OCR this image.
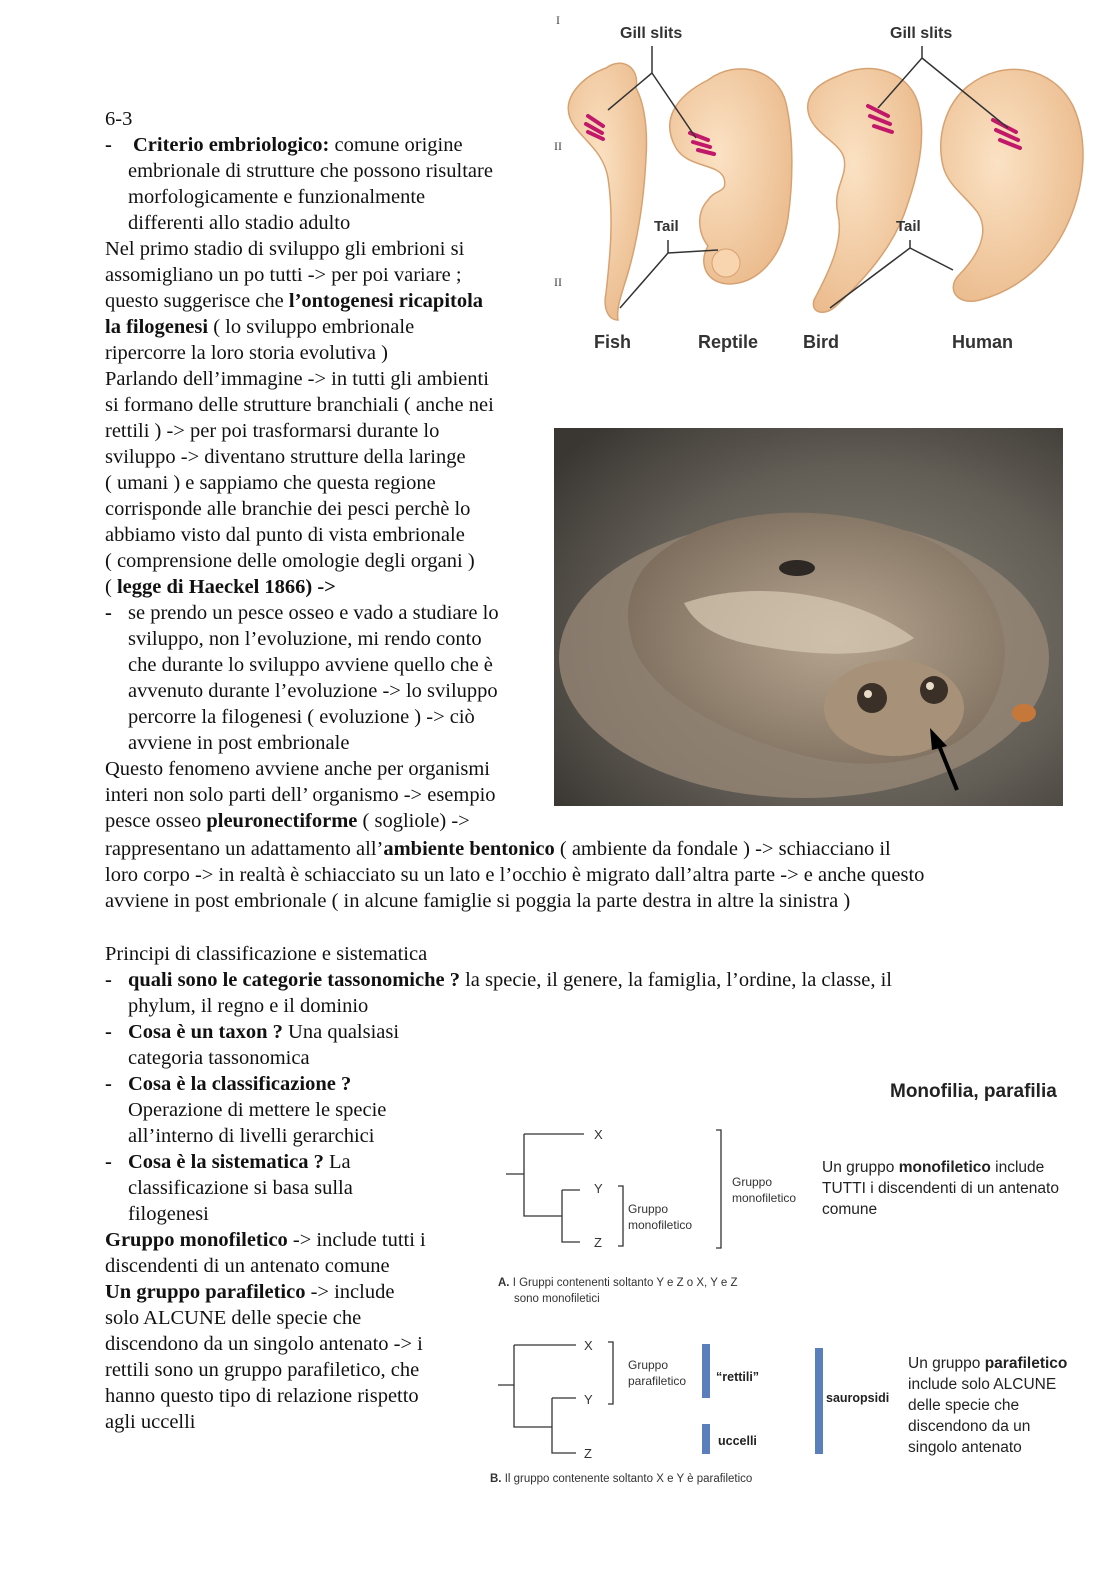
6-3

- Criterio embriologico: comune origine
embrionale di strutture che possono risultare
morfologicamente e funzionalmente
differenti allo stadio adulto

Nel primo stadio di sviluppo gli embrioni si
assomigliano un po tutti -> per poi variare ;
questo suggerisce che l’ontogenesi ricapitola
la filogenesi ( lo sviluppo embrionale
ripercorre la loro storia evolutiva )

Parlando dell’immagine -> in tutti gli ambienti
si formano delle strutture branchiali ( anche nei
rettili ) -> per poi trasformarsi durante lo
sviluppo -> diventano strutture della laringe
( umani ) e sappiamo che questa regione
corrisponde alle branchie dei pesci perchè lo
abbiamo visto dal punto di vista embrionale
( comprensione delle omologie degli organi )
( legge di Haeckel 1866) ->

- se prendo un pesce osseo e vado a studiare lo
sviluppo, non l’evoluzione, mi rendo conto
che durante lo sviluppo avviene quello che è
avvenuto durante l’evoluzione -> lo sviluppo
percorre la filogenesi ( evoluzione ) -> ciò
avviene in post embrionale

Questo fenomeno avviene anche per organismi
interi non solo parti dell’ organismo -> esempio
pesce osseo pleuronectiforme ( sogliole) ->

rappresentano un adattamento all’ambiente bentonico ( ambiente da fondale ) -> schiacciano il
loro corpo -> in realtà è schiacciato su un lato e l’occhio è migrato dall’altra parte -> e anche questo
avviene in post embrionale ( in alcune famiglie si poggia la parte destra in altre la sinistra )

Principi di classificazione e sistematica

- quali sono le categorie tassonomiche ? la specie, il genere, la famiglia, l’ordine, la classe, il
phylum, il regno e il dominio

- Cosa è un taxon ? Una qualsiasi
categoria tassonomica

- Cosa è la classificazione ?
Operazione di mettere le specie
all’interno di livelli gerarchici

- Cosa è la sistematica ? La
classificazione si basa sulla
filogenesi

Gruppo monofiletico -> include tutti i
discendenti di un antenato comune

Un gruppo parafiletico -> include
solo ALCUNE delle specie che
discendono da un singolo antenato -> i
rettili sono un gruppo parafiletico, che
hanno questo tipo di relazione rispetto
agli uccelli

I
II
II
Gill slits	Gill slits
Tail	Tail
Fish	Reptile Bird	Human
Monofilia, parafilia
X
Y
Z
Gruppo
monofiletico
Gruppo
monofiletico
Un gruppo monofiletico include
TUTTI i discendenti di un antenato
comune
A. I Gruppi contenenti soltanto Y e Z o X, Y e Z
sono monofiletici
X
Y
Z
Gruppo
parafiletico “rettili”
uccelli
sauropsidi
Un gruppo parafiletico
include solo ALCUNE
delle specie che
discendono da un
singolo antenato
B. Il gruppo contenente soltanto X e Y è parafiletico
